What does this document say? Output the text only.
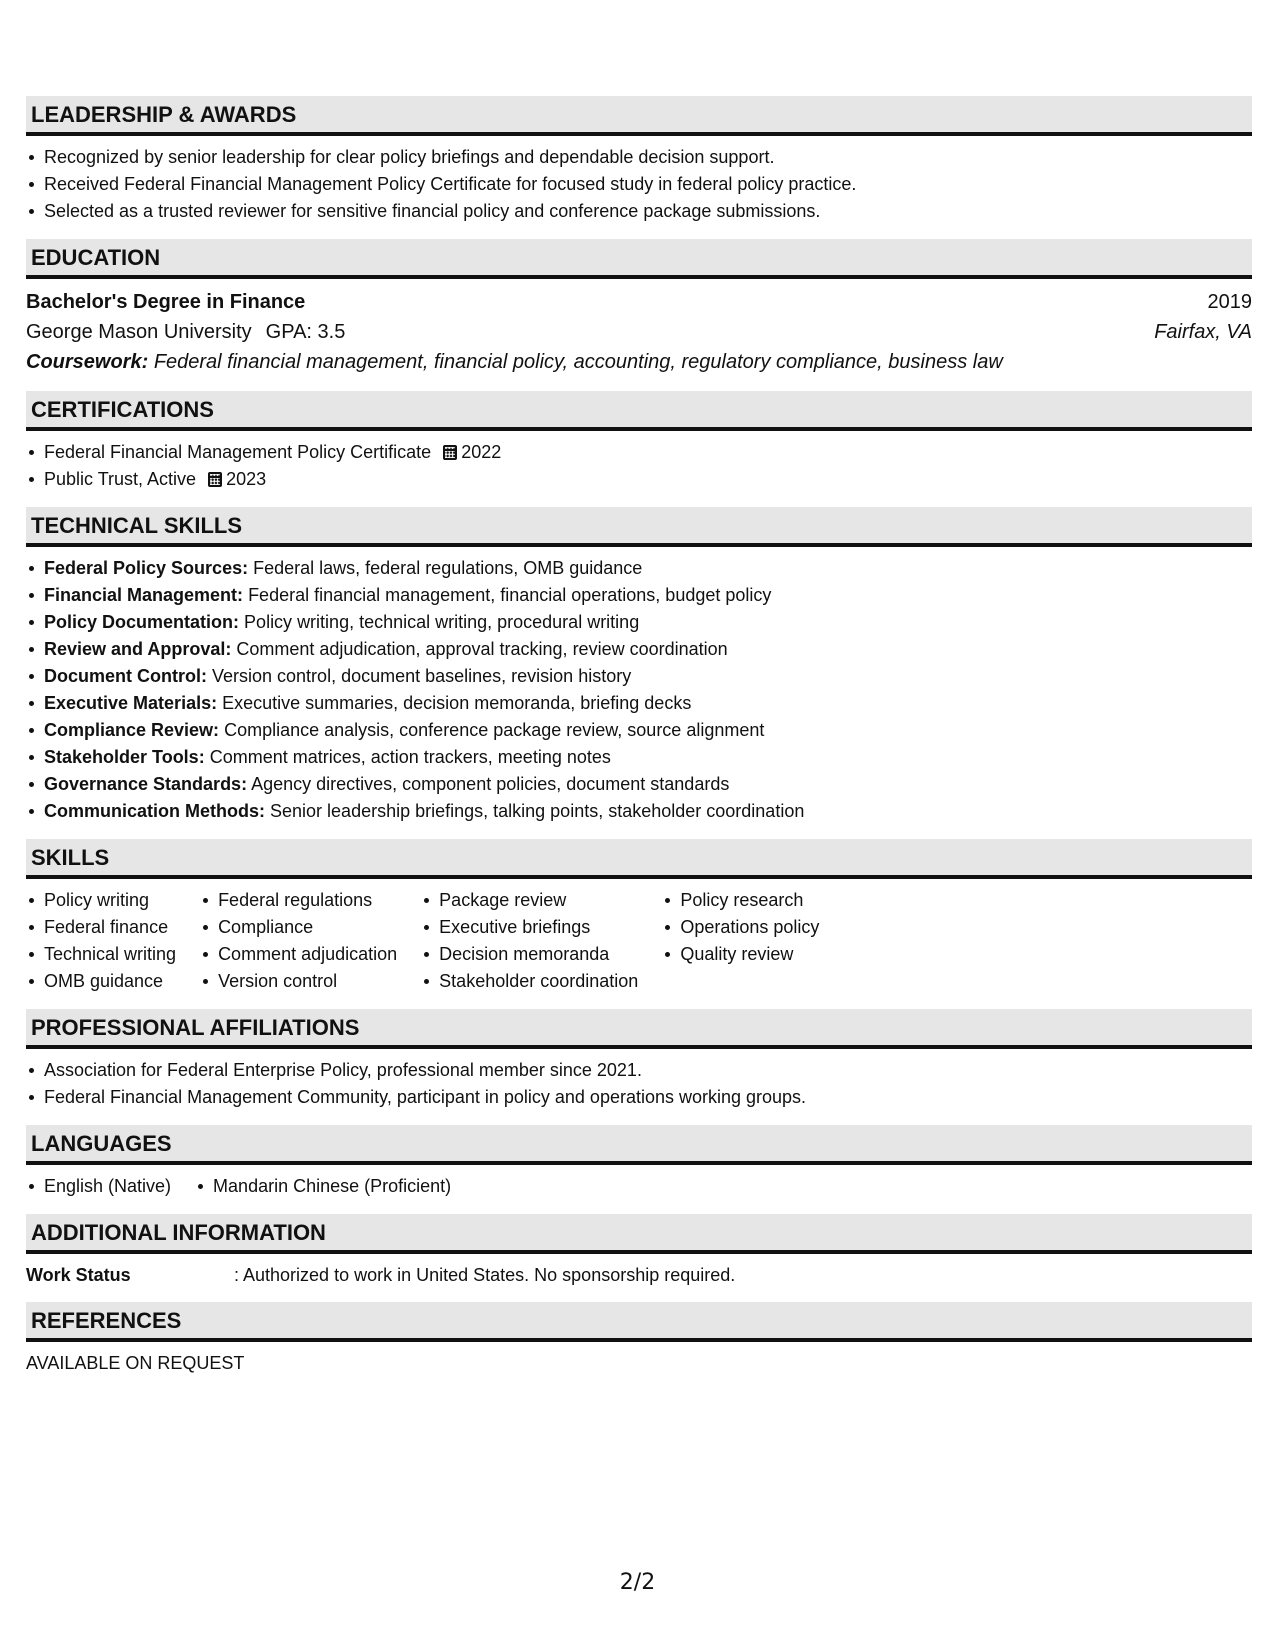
LEADERSHIP & AWARDS
Recognized by senior leadership for clear policy briefings and dependable decision support.
Received Federal Financial Management Policy Certificate for focused study in federal policy practice.
Selected as a trusted reviewer for sensitive financial policy and conference package submissions.
EDUCATION
Bachelor's Degree in Finance	2019
George Mason University GPA: 3.5	Fairfax, VA
Coursework: Federal financial management, financial policy, accounting, regulatory compliance, business law
CERTIFICATIONS
Federal Financial Management Policy Certificate 2022
Public Trust, Active 2023
TECHNICAL SKILLS
Federal Policy Sources: Federal laws, federal regulations, OMB guidance
Financial Management: Federal financial management, financial operations, budget policy
Policy Documentation: Policy writing, technical writing, procedural writing
Review and Approval: Comment adjudication, approval tracking, review coordination
Document Control: Version control, document baselines, revision history
Executive Materials: Executive summaries, decision memoranda, briefing decks
Compliance Review: Compliance analysis, conference package review, source alignment
Stakeholder Tools: Comment matrices, action trackers, meeting notes
Governance Standards: Agency directives, component policies, document standards
Communication Methods: Senior leadership briefings, talking points, stakeholder coordination
SKILLS
Policy writing
Federal finance
Technical writing
OMB guidance
Federal regulations
Compliance
Comment adjudication
Version control
Package review
Executive briefings
Decision memoranda
Stakeholder coordination
Policy research
Operations policy
Quality review
PROFESSIONAL AFFILIATIONS
Association for Federal Enterprise Policy, professional member since 2021.
Federal Financial Management Community, participant in policy and operations working groups.
LANGUAGES
English (Native) Mandarin Chinese (Proficient)
ADDITIONAL INFORMATION
Work Status	: Authorized to work in United States. No sponsorship required.
REFERENCES
AVAILABLE ON REQUEST
2/2
